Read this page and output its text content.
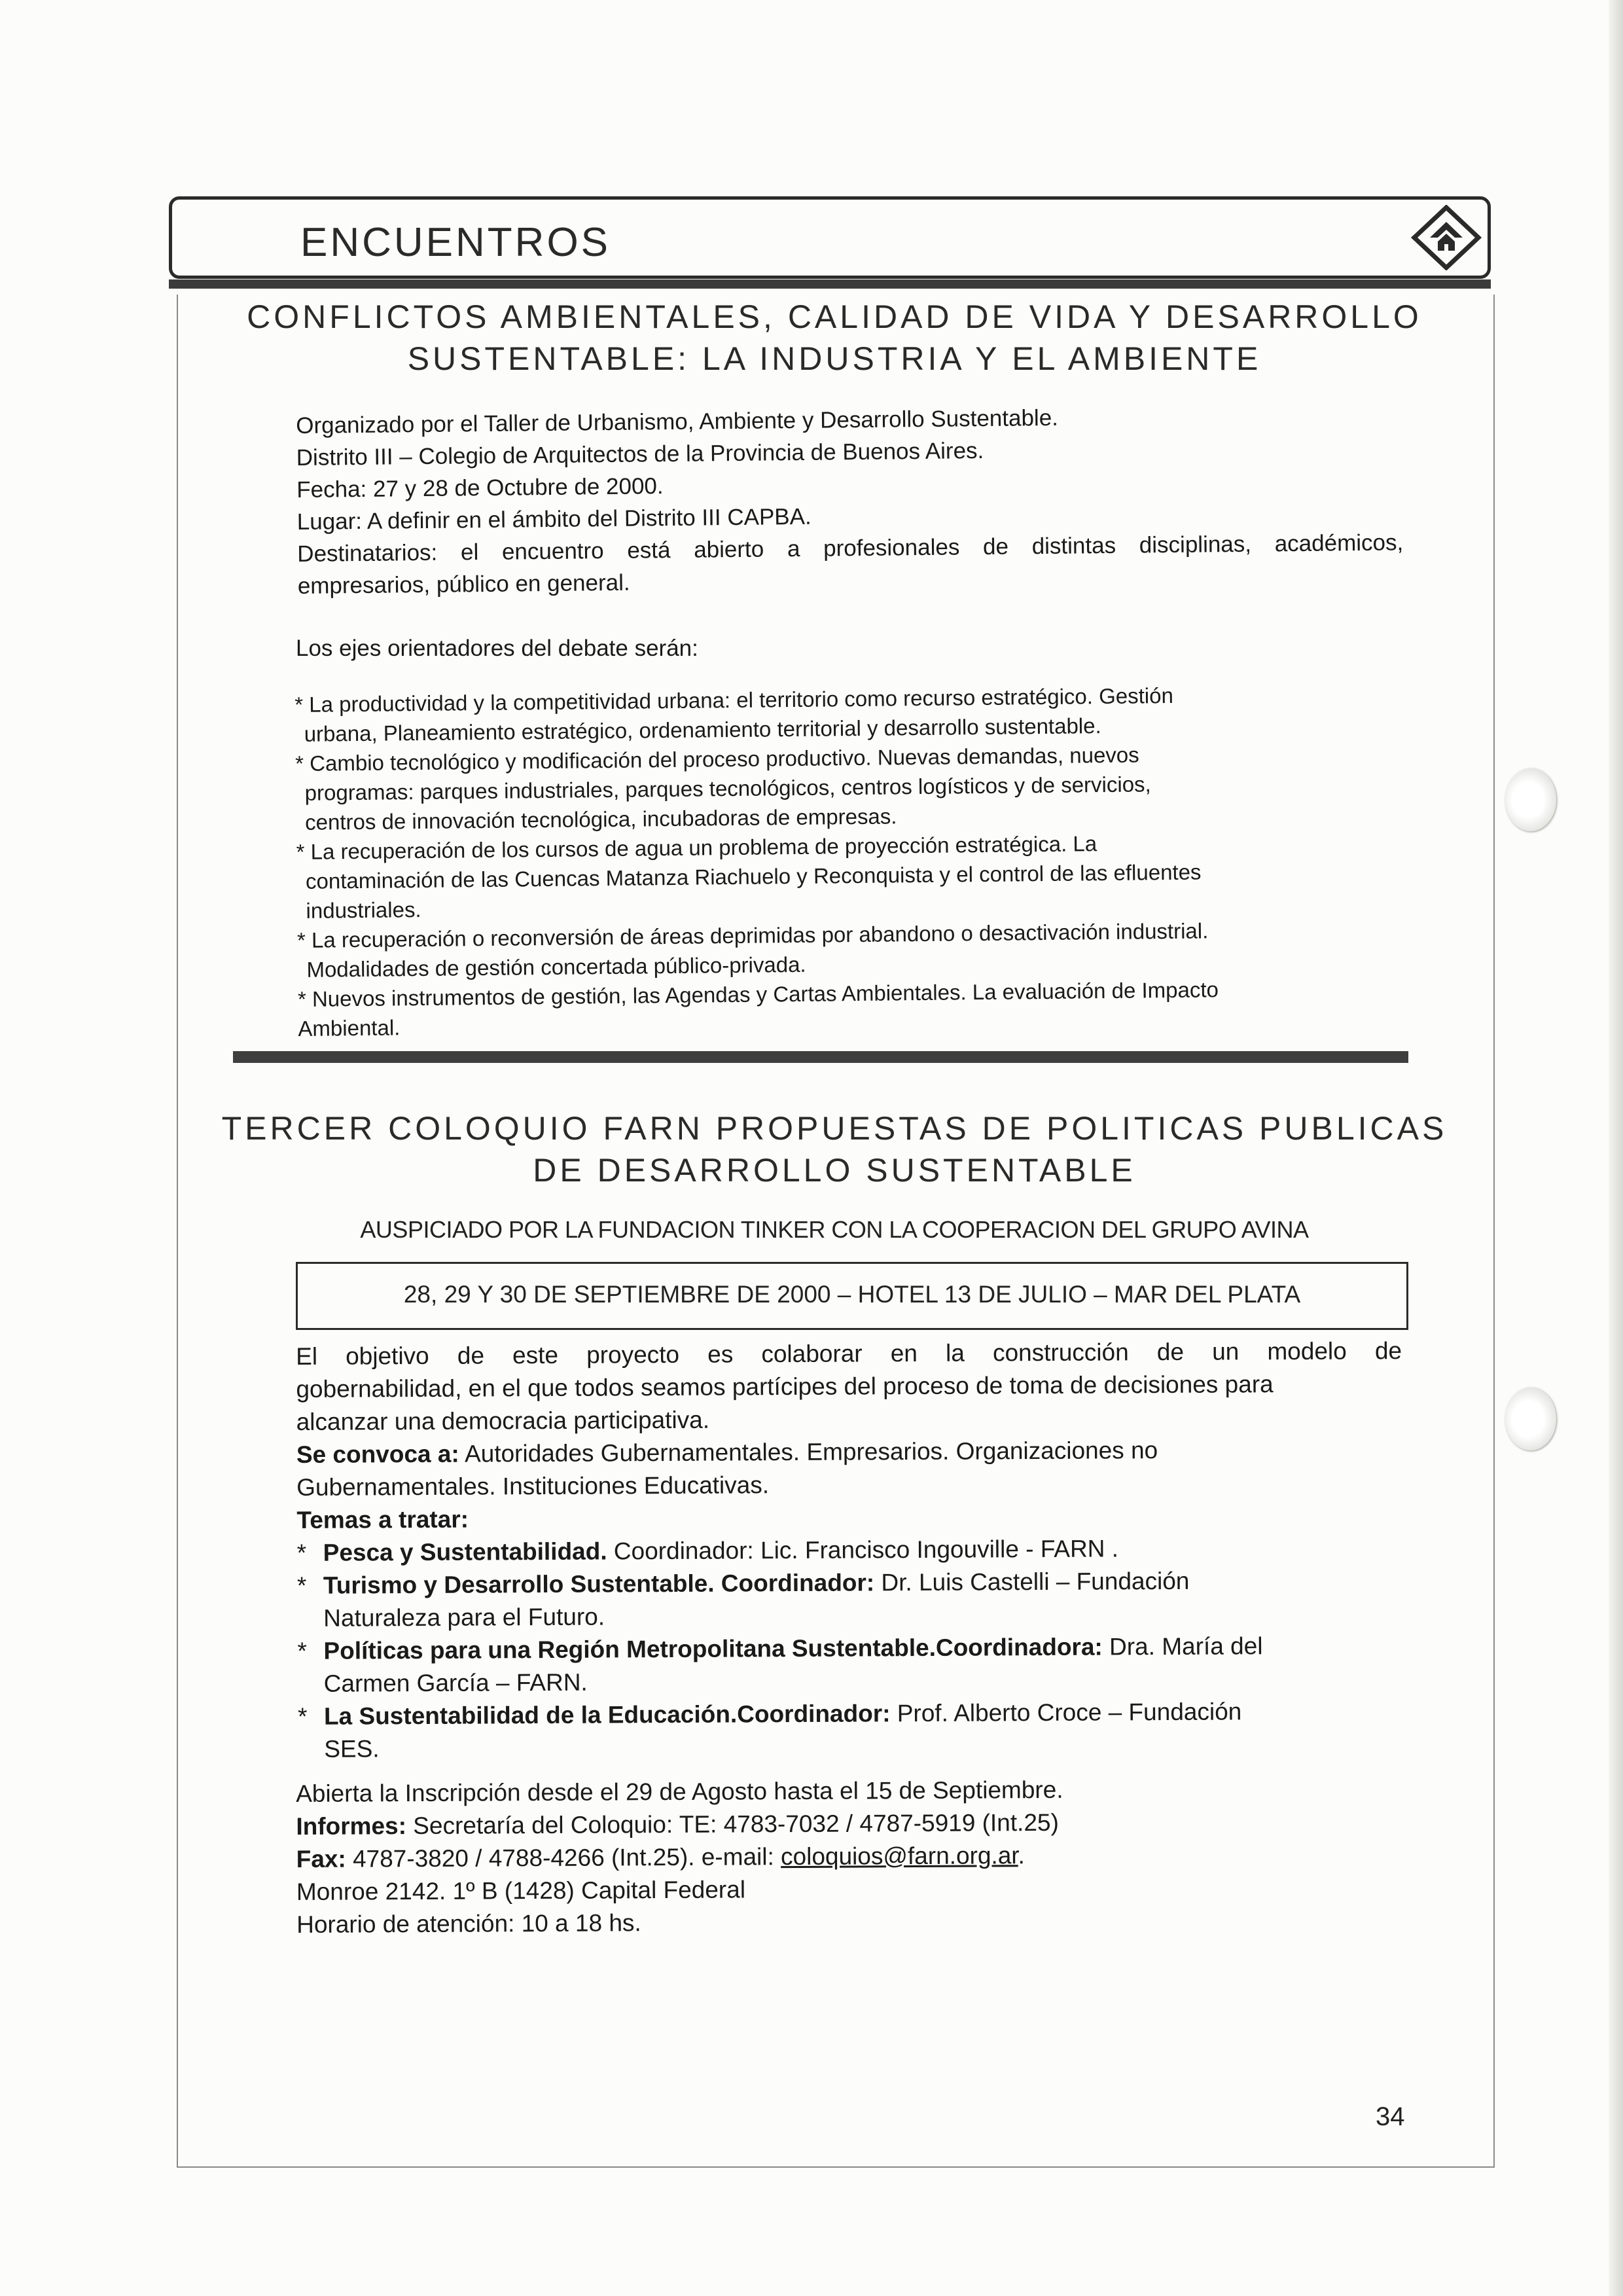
ENCUENTROS
CONFLICTOS AMBIENTALES, CALIDAD DE VIDA Y DESARROLLO
SUSTENTABLE: LA INDUSTRIA Y EL AMBIENTE
Organizado por el Taller de Urbanismo, Ambiente y Desarrollo Sustentable.
Distrito III – Colegio de Arquitectos de la Provincia de Buenos Aires.
Fecha: 27 y 28 de Octubre de 2000.
Lugar: A definir en el ámbito del Distrito III CAPBA.
Destinatarios: el encuentro está abierto a profesionales de distintas disciplinas, académicos,
empresarios, público en general.
Los ejes orientadores del debate serán:
* La productividad y la competitividad urbana: el territorio como recurso estratégico. Gestión
urbana, Planeamiento estratégico, ordenamiento territorial y desarrollo sustentable.
* Cambio tecnológico y modificación del proceso productivo. Nuevas demandas, nuevos
programas: parques industriales, parques tecnológicos, centros logísticos y de servicios,
centros de innovación tecnológica, incubadoras de empresas.
* La recuperación de los cursos de agua un problema de proyección estratégica. La
contaminación de las Cuencas Matanza Riachuelo y Reconquista y el control de las efluentes
industriales.
* La recuperación o reconversión de áreas deprimidas por abandono o desactivación industrial.
Modalidades de gestión concertada público-privada.
* Nuevos instrumentos de gestión, las Agendas y Cartas Ambientales. La evaluación de Impacto
Ambiental.
TERCER COLOQUIO FARN PROPUESTAS DE POLITICAS PUBLICAS
DE DESARROLLO SUSTENTABLE
AUSPICIADO POR LA FUNDACION TINKER CON LA COOPERACION DEL GRUPO AVINA
28, 29 Y 30 DE SEPTIEMBRE DE 2000 – HOTEL 13 DE JULIO – MAR DEL PLATA
El objetivo de este proyecto es colaborar en la construcción de un modelo de
gobernabilidad, en el que todos seamos partícipes del proceso de toma de decisiones para
alcanzar una democracia participativa.
Se convoca a: Autoridades Gubernamentales. Empresarios. Organizaciones no
Gubernamentales. Instituciones Educativas.
Temas a tratar:
* Pesca y Sustentabilidad. Coordinador: Lic. Francisco Ingouville - FARN .
* Turismo y Desarrollo Sustentable. Coordinador: Dr. Luis Castelli – Fundación
Naturaleza para el Futuro.
* Políticas para una Región Metropolitana Sustentable.Coordinadora: Dra. María del
Carmen García – FARN.
* La Sustentabilidad de la Educación.Coordinador: Prof. Alberto Croce – Fundación
SES.
Abierta la Inscripción desde el 29 de Agosto hasta el 15 de Septiembre.
Informes: Secretaría del Coloquio: TE: 4783-7032 / 4787-5919 (Int.25)
Fax: 4787-3820 / 4788-4266 (Int.25). e-mail: coloquios@farn.org.ar.
Monroe 2142. 1º B (1428) Capital Federal
Horario de atención: 10 a 18 hs.
34
